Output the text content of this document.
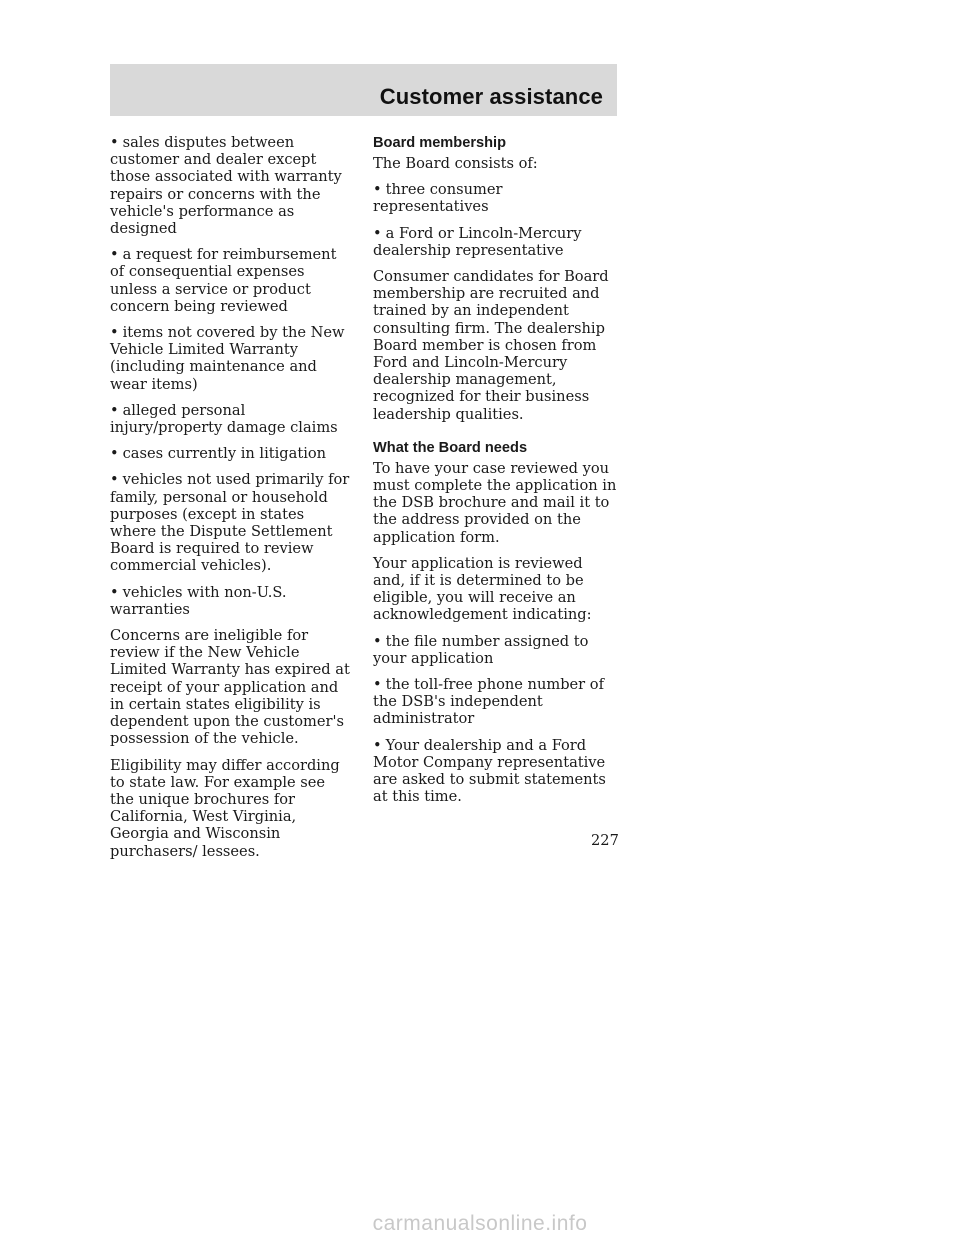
Customer assistance

• sales disputes between customer and dealer except those associated with warranty repairs or concerns with the vehicle's performance as designed

• a request for reimbursement of consequential expenses unless a service or product concern being reviewed

• items not covered by the New Vehicle Limited Warranty (including maintenance and wear items)

• alleged personal injury/property damage claims

• cases currently in litigation

• vehicles not used primarily for family, personal or household purposes (except in states where the Dispute Settlement Board is required to review commercial vehicles).

• vehicles with non-U.S. warranties

Concerns are ineligible for review if the New Vehicle Limited Warranty has expired at receipt of your application and in certain states eligibility is dependent upon the customer's possession of the vehicle.

Eligibility may differ according to state law. For example see the unique brochures for California, West Virginia, Georgia and Wisconsin purchasers/ lessees.

Board membership

The Board consists of:

• three consumer representatives

• a Ford or Lincoln-Mercury dealership representative

Consumer candidates for Board membership are recruited and trained by an independent consulting firm. The dealership Board member is chosen from Ford and Lincoln-Mercury dealership management, recognized for their business leadership qualities.

What the Board needs

To have your case reviewed you must complete the application in the DSB brochure and mail it to the address provided on the application form.

Your application is reviewed and, if it is determined to be eligible, you will receive an acknowledgement indicating:

• the file number assigned to your application

• the toll-free phone number of the DSB's independent administrator

• Your dealership and a Ford Motor Company representative are asked to submit statements at this time.

227
carmanualsonline.info
